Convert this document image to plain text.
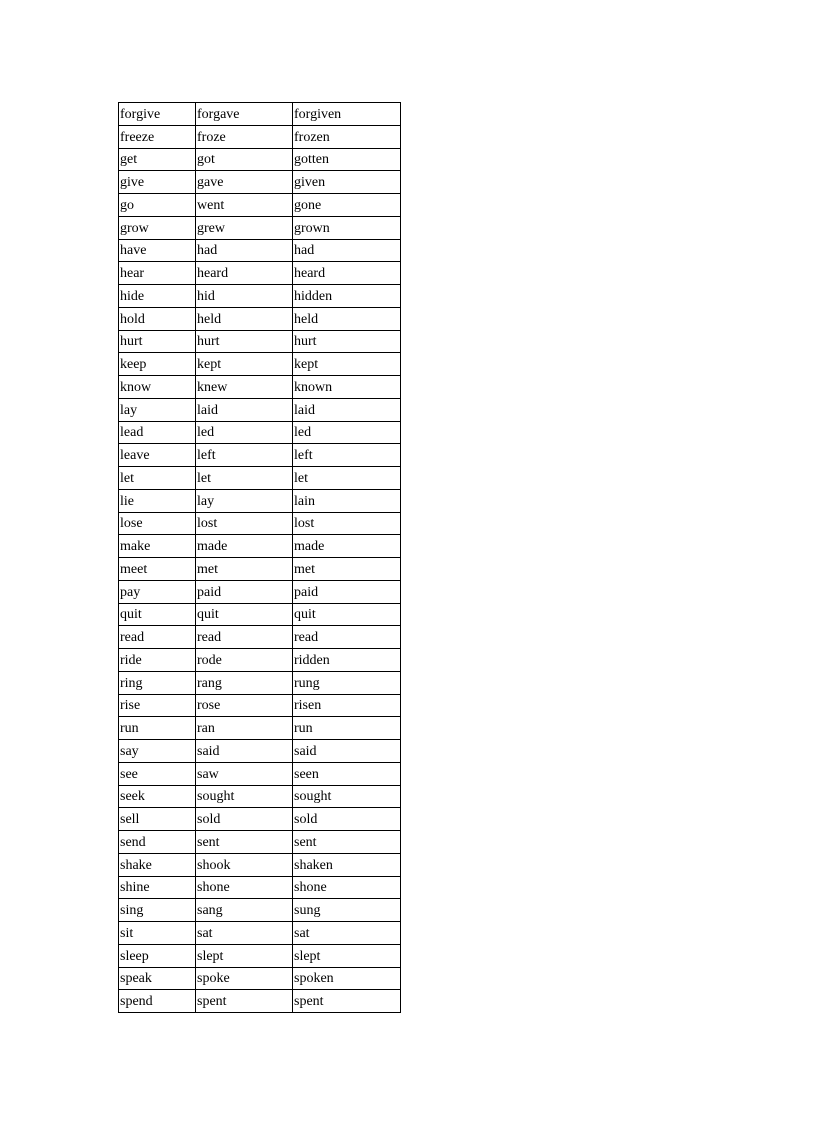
forgive	forgave	forgiven
freeze	froze	frozen
get	got	gotten
give	gave	given
go	went	gone
grow	grew	grown
have	had	had
hear	heard	heard
hide	hid	hidden
hold	held	held
hurt	hurt	hurt
keep	kept	kept
know	knew	known
lay	laid	laid
lead	led	led
leave	left	left
let	let	let
lie	lay	lain
lose	lost	lost
make	made	made
meet	met	met
pay	paid	paid
quit	quit	quit
read	read	read
ride	rode	ridden
ring	rang	rung
rise	rose	risen
run	ran	run
say	said	said
see	saw	seen
seek	sought	sought
sell	sold	sold
send	sent	sent
shake	shook	shaken
shine	shone	shone
sing	sang	sung
sit	sat	sat
sleep	slept	slept
speak	spoke	spoken
spend	spent	spent
